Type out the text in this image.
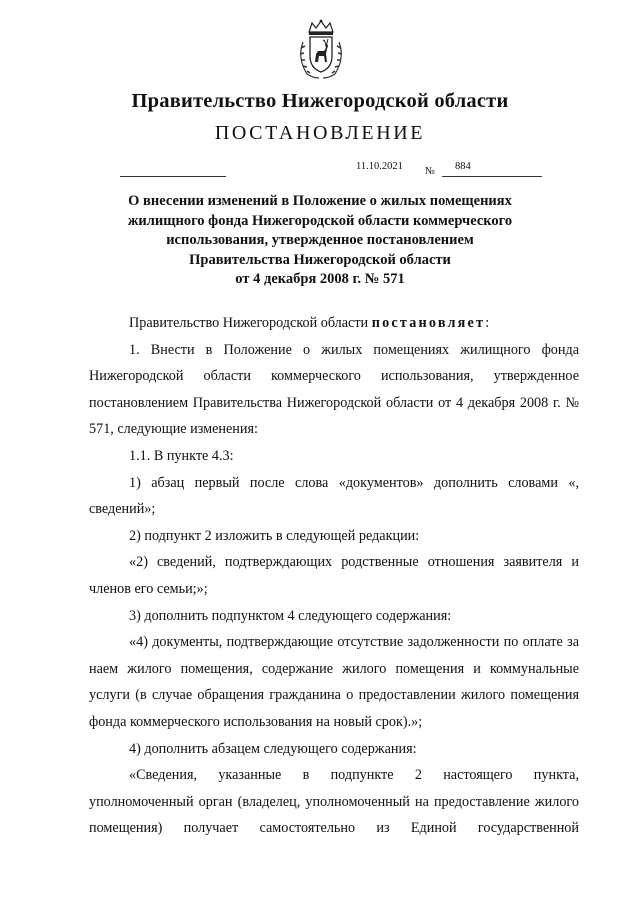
Правительство Нижегородской области
ПОСТАНОВЛЕНИЕ
11.10.2021 № 884
О внесении изменений в Положение о жилых помещениях
жилищного фонда Нижегородской области коммерческого
использования, утвержденное постановлением
Правительства Нижегородской области
от 4 декабря 2008 г. № 571

Правительство Нижегородской области постановляет:

1. Внести в Положение о жилых помещениях жилищного фонда Нижегородской области коммерческого использования, утвержденное постановлением Правительства Нижегородской области от 4 декабря 2008 г. № 571, следующие изменения:

1.1. В пункте 4.3:

1) абзац первый после слова «документов» дополнить словами «, сведений»;

2) подпункт 2 изложить в следующей редакции:

«2) сведений, подтверждающих родственные отношения заявителя и членов его семьи;»;

3) дополнить подпунктом 4 следующего содержания:

«4) документы, подтверждающие отсутствие задолженности по оплате за наем жилого помещения, содержание жилого помещения и коммунальные услуги (в случае обращения гражданина о предоставлении жилого помещения фонда коммерческого использования на новый срок).»;

4) дополнить абзацем следующего содержания:

«Сведения, указанные в подпункте 2 настоящего пункта, уполномоченный орган (владелец, уполномоченный на предоставление жилого помещения) получает самостоятельно из Единой государственной
